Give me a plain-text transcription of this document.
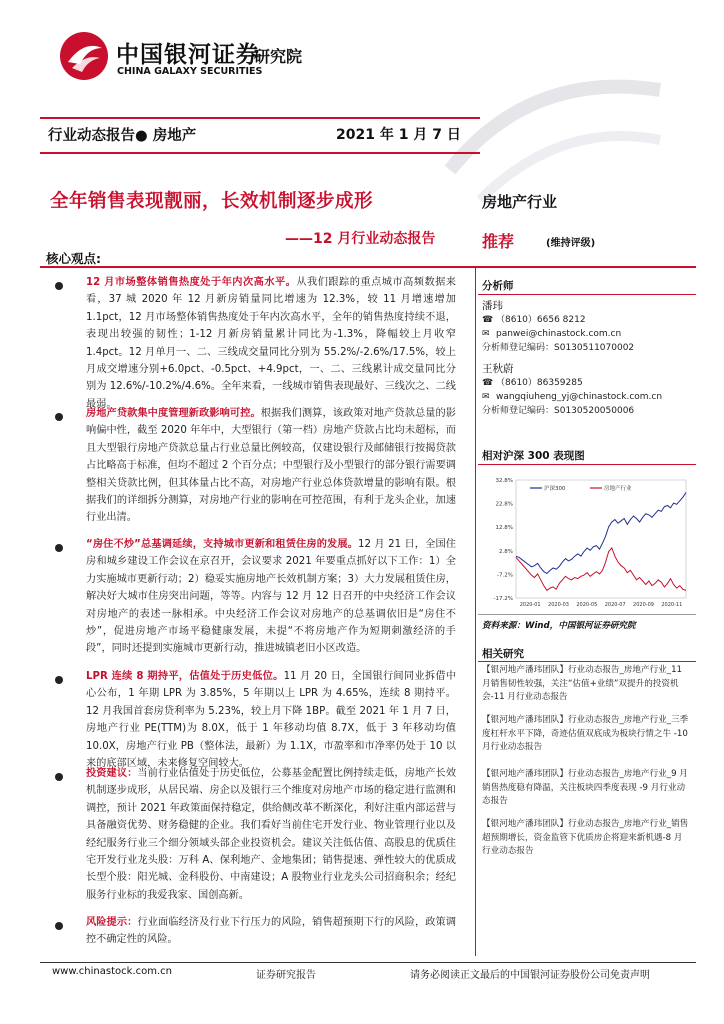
中国银河证券
CHINA GALAXY SECURITIES
研究院
行业动态报告● 房地产	2021 年 1 月 7 日
全年销售表现靓丽，长效机制逐步成形
——12 月行业动态报告
房地产行业
推荐	(维持评级)
核心观点:
12 月市场整体销售热度处于年内次高水平。从我们跟踪的重点城市高频数据来看，37 城 2020 年 12 月新房销量同比增速为 12.3%，较 11 月增速增加 1.1pct，12 月市场整体销售热度处于年内次高水平，全年的销售热度持续不退，表现出较强的韧性；1-12 月新房销量累计同比为-1.3%，降幅较上月收窄 1.4pct。12 月单月一、二、三线成交量同比分别为 55.2%/-2.6%/17.5%，较上月成交增速分别+6.0pct、-0.5pct、+4.9pct，一、二、三线累计成交量同比分别为 12.6%/-10.2%/4.6%。全年来看，一线城市销售表现最好、三线次之、二线最弱。
房地产贷款集中度管理新政影响可控。根据我们测算，该政策对地产贷款总量的影响偏中性，截至 2020 年年中，大型银行（第一档）房地产贷款占比均未超标，而且大型银行房地产贷款总量占行业总量比例较高，仅建设银行及邮储银行按揭贷款占比略高于标准，但均不超过 2 个百分点；中型银行及小型银行的部分银行需要调整相关贷款比例，但其体量占比不高，对房地产行业总体贷款增量的影响有限。根据我们的详细拆分测算，对房地产行业的影响在可控范围，有利于龙头企业，加速行业出清。
“房住不炒”总基调延续，支持城市更新和租赁住房的发展。12 月 21 日，全国住房和城乡建设工作会议在京召开，会议要求 2021 年要重点抓好以下工作：1）全力实施城市更新行动；2）稳妥实施房地产长效机制方案；3）大力发展租赁住房，解决好大城市住房突出问题，等等。内容与 12 月 12 日召开的中央经济工作会议对房地产的表述一脉相承。中央经济工作会议对房地产的总基调依旧是“房住不炒”，促进房地产市场平稳健康发展，未提“不将房地产作为短期刺激经济的手段”，同时还提到实施城市更新行动，推进城镇老旧小区改造。
LPR 连续 8 期持平，估值处于历史低位。11 月 20 日，全国银行间同业拆借中心公布，1 年期 LPR 为 3.85%，5 年期以上 LPR 为 4.65%，连续 8 期持平。12 月我国首套房贷利率为 5.23%，较上月下降 1BP。截至 2021 年 1 月 7 日，房地产行业 PE(TTM)为 8.0X，低于 1 年移动均值 8.7X，低于 3 年移动均值 10.0X，房地产行业 PB（整体法，最新）为 1.1X，市盈率和市净率仍处于 10 以来的底部区域，未来修复空间较大。
投资建议：当前行业估值处于历史低位，公募基金配置比例持续走低，房地产长效机制逐步成形，从居民端、房企以及银行三个维度对房地产市场的稳定进行监测和调控，预计 2021 年政策面保持稳定，供给侧改革不断深化，利好注重内部运营与具备融资优势、财务稳健的企业。我们看好当前住宅开发行业、物业管理行业以及经纪服务行业三个细分领域头部企业投资机会。建议关注低估值、高股息的优质住宅开发行业龙头股：万科 A、保利地产、金地集团；销售提速、弹性较大的优质成长型个股：阳光城、金科股份、中南建设；A 股物业行业龙头公司招商积余；经纪服务行业标的我爱我家、国创高新。
风险提示：行业面临经济及行业下行压力的风险，销售超预期下行的风险，政策调控不确定性的风险。
分析师
潘玮
☎ （8610）6656 8212
✉ panwei@chinastock.com.cn
分析师登记编码：S0130511070002
王秋蔚
☎ （8610）86359285
✉ wangqiuheng_yj@chinastock.com.cn
分析师登记编码：S0130520050006
相对沪深 300 表现图
32.8%
22.8%
12.8%
2.8%
-7.2%
-17.2%
2020-01 2020-03 2020-05 2020-07 2020-09 2020-11
沪深300	房地产行业
资料来源：Wind，中国银河证券研究院
相关研究
【银河地产潘玮团队】行业动态报告_房地产行业_11 月销售韧性较强，关注“估值+业绩”双提升的投资机会-11 月行业动态报告
【银河地产潘玮团队】行业动态报告_房地产行业_三季度杠杆水平下降，奇迹估值双底成为板块行情之牛 -10 月行业动态报告
【银河地产潘玮团队】行业动态报告_房地产行业_9 月销售热度稳有降温，关注板块四季度表现 -9 月行业动态报告
【银河地产潘玮团队】行业动态报告_房地产行业_销售超预期增长，资金监管下优质房企将迎来新机遇-8 月行业动态报告
www.chinastock.com.cn	证券研究报告	请务必阅读正文最后的中国银河证券股份公司免责声明
